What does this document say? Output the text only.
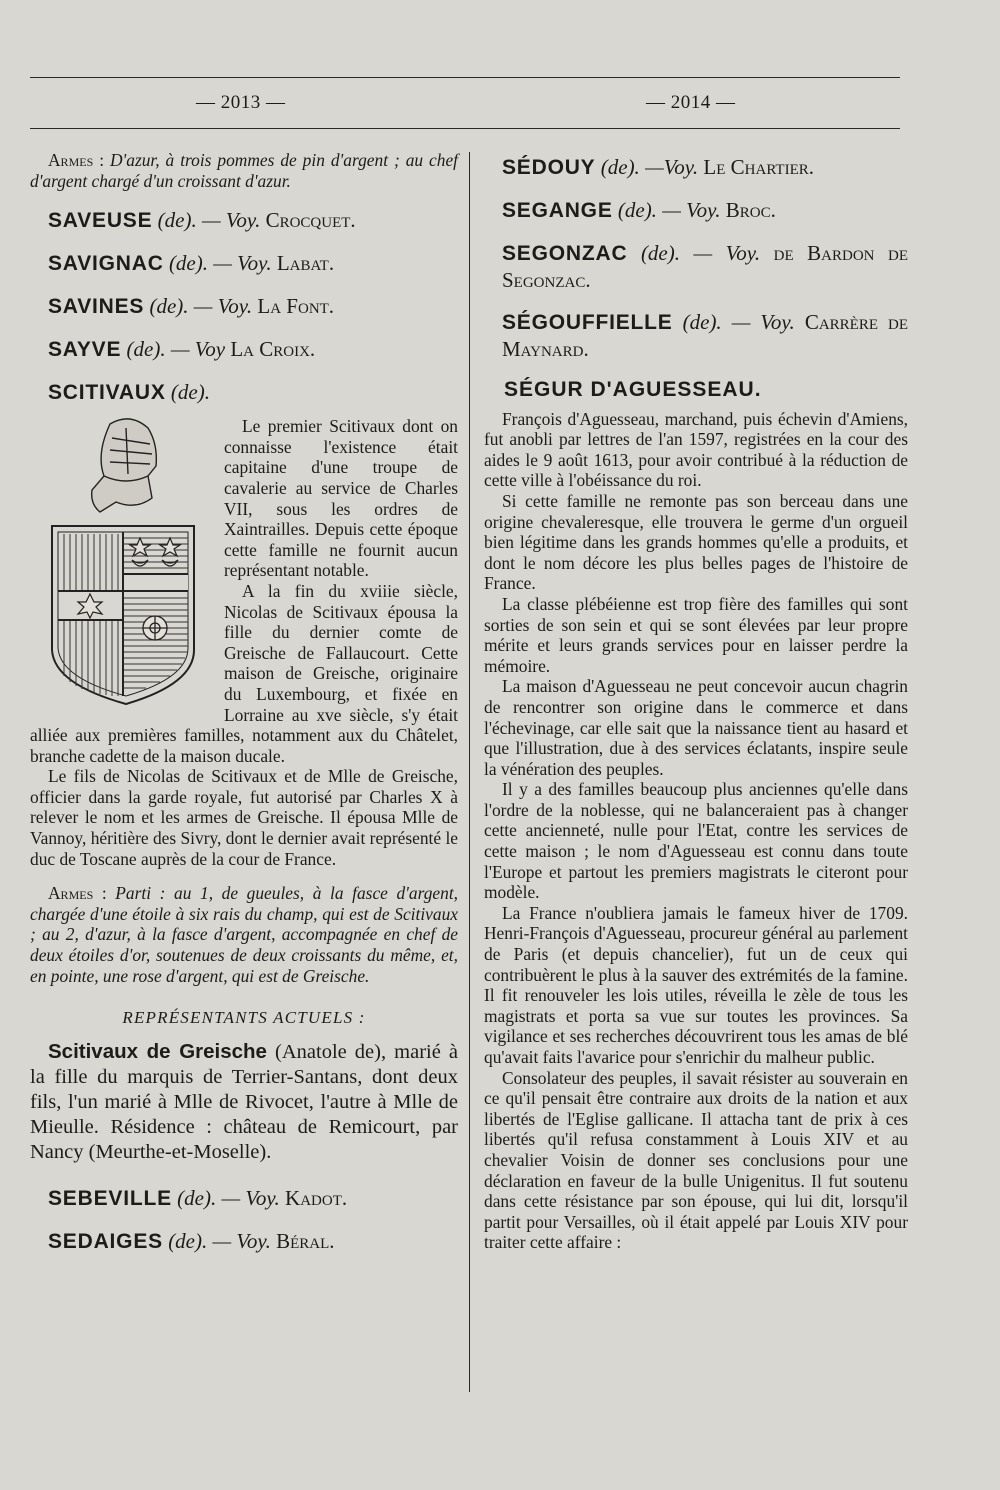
— 2013 —	— 2014 —

Armes : D'azur, à trois pommes de pin d'argent ; au chef d'argent chargé d'un croissant d'azur.

SAVEUSE (de). — Voy. Crocquet.
SAVIGNAC (de). — Voy. Labat.
SAVINES (de). — Voy. La Font.
SAYVE (de). — Voy La Croix.
SCITIVAUX (de).

Le premier Scitivaux dont on connaisse l'existence était capitaine d'une troupe de cavalerie au service de Charles VII, sous les ordres de Xaintrailles. Depuis cette époque cette famille ne fournit aucun représentant notable.

A la fin du xviiie siècle, Nicolas de Scitivaux épousa la fille du dernier comte de Greische de Fallaucourt. Cette maison de Greische, originaire du Luxembourg, et fixée en Lorraine au xve siècle, s'y était alliée aux premières familles, notamment aux du Châtelet, branche cadette de la maison ducale.

Le fils de Nicolas de Scitivaux et de Mlle de Greische, officier dans la garde royale, fut autorisé par Charles X à relever le nom et les armes de Greische. Il épousa Mlle de Vannoy, héritière des Sivry, dont le dernier avait représenté le duc de Toscane auprès de la cour de France.

Armes : Parti : au 1, de gueules, à la fasce d'argent, chargée d'une étoile à six rais du champ, qui est de Scitivaux ; au 2, d'azur, à la fasce d'argent, accompagnée en chef de deux étoiles d'or, soutenues de deux croissants du même, et, en pointe, une rose d'argent, qui est de Greische.

REPRÉSENTANTS ACTUELS :

Scitivaux de Greische (Anatole de), marié à la fille du marquis de Terrier-Santans, dont deux fils, l'un marié à Mlle de Rivocet, l'autre à Mlle de Mieulle. Résidence : château de Remicourt, par Nancy (Meurthe-et-Moselle).

SEBEVILLE (de). — Voy. Kadot.
SEDAIGES (de). — Voy. Béral.
SÉDOUY (de). —Voy. Le Chartier.
SEGANGE (de). — Voy. Broc.
SEGONZAC (de). — Voy. de Bardon de Segonzac.
SÉGOUFFIELLE (de). — Voy. Carrère de Maynard.
SÉGUR D'AGUESSEAU.

François d'Aguesseau, marchand, puis échevin d'Amiens, fut anobli par lettres de l'an 1597, registrées en la cour des aides le 9 août 1613, pour avoir contribué à la réduction de cette ville à l'obéissance du roi.

Si cette famille ne remonte pas son berceau dans une origine chevaleresque, elle trouvera le germe d'un orgueil bien légitime dans les grands hommes qu'elle a produits, et dont le nom décore les plus belles pages de l'histoire de France.

La classe plébéienne est trop fière des familles qui sont sorties de son sein et qui se sont élevées par leur propre mérite et leurs grands services pour en laisser perdre la mémoire.

La maison d'Aguesseau ne peut concevoir aucun chagrin de rencontrer son origine dans le commerce et dans l'échevinage, car elle sait que la naissance tient au hasard et que l'illustration, due à des services éclatants, inspire seule la vénération des peuples.

Il y a des familles beaucoup plus anciennes qu'elle dans l'ordre de la noblesse, qui ne balanceraient pas à changer cette ancienneté, nulle pour l'Etat, contre les services de cette maison ; le nom d'Aguesseau est connu dans toute l'Europe et partout les premiers magistrats le citeront pour modèle.

La France n'oubliera jamais le fameux hiver de 1709. Henri-François d'Aguesseau, procureur général au parlement de Paris (et depuis chancelier), fut un de ceux qui contribuèrent le plus à la sauver des extrémités de la famine. Il fit renouveler les lois utiles, réveilla le zèle de tous les magistrats et porta sa vue sur toutes les provinces. Sa vigilance et ses recherches découvrirent tous les amas de blé qu'avait faits l'avarice pour s'enrichir du malheur public.

Consolateur des peuples, il savait résister au souverain en ce qu'il pensait être contraire aux droits de la nation et aux libertés de l'Eglise gallicane. Il attacha tant de prix à ces libertés qu'il refusa constamment à Louis XIV et au chevalier Voisin de donner ses conclusions pour une déclaration en faveur de la bulle Unigenitus. Il fut soutenu dans cette résistance par son épouse, qui lui dit, lorsqu'il partit pour Versailles, où il était appelé par Louis XIV pour traiter cette affaire :
